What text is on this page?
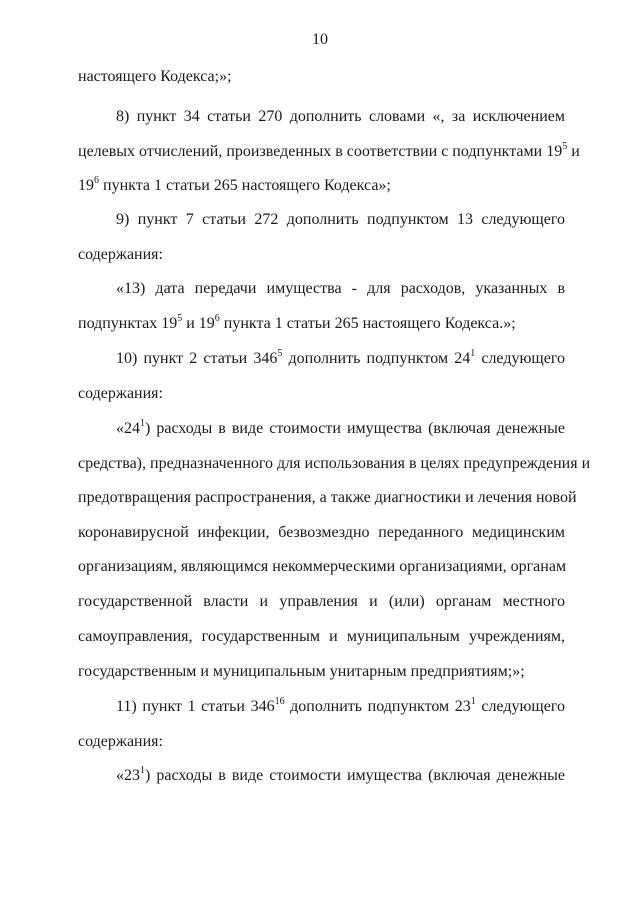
10
настоящего Кодекса;»;
8) пункт 34 статьи 270 дополнить словами «, за исключением
целевых отчислений, произведенных в соответствии с подпунктами $19^5$ и
$19^6$ пункта 1 статьи 265 настоящего Кодекса»;
9) пункт 7 статьи 272 дополнить подпунктом 13 следующего
содержания:
«13) дата передачи имущества - для расходов, указанных в
подпунктах $19^5$ и $19^6$ пункта 1 статьи 265 настоящего Кодекса.»;
10) пункт 2 статьи $346^5$ дополнить подпунктом $24^1$ следующего
содержания:
«$24^1$) расходы в виде стоимости имущества (включая денежные
средства), предназначенного для использования в целях предупреждения и
предотвращения распространения, а также диагностики и лечения новой
коронавирусной инфекции, безвозмездно переданного медицинским
организациям, являющимся некоммерческими организациями, органам
государственной власти и управления и (или) органам местного
самоуправления, государственным и муниципальным учреждениям,
государственным и муниципальным унитарным предприятиям;»;
11) пункт 1 статьи $346^{16}$ дополнить подпунктом $23^1$ следующего
содержания:
«$23^1$) расходы в виде стоимости имущества (включая денежные
